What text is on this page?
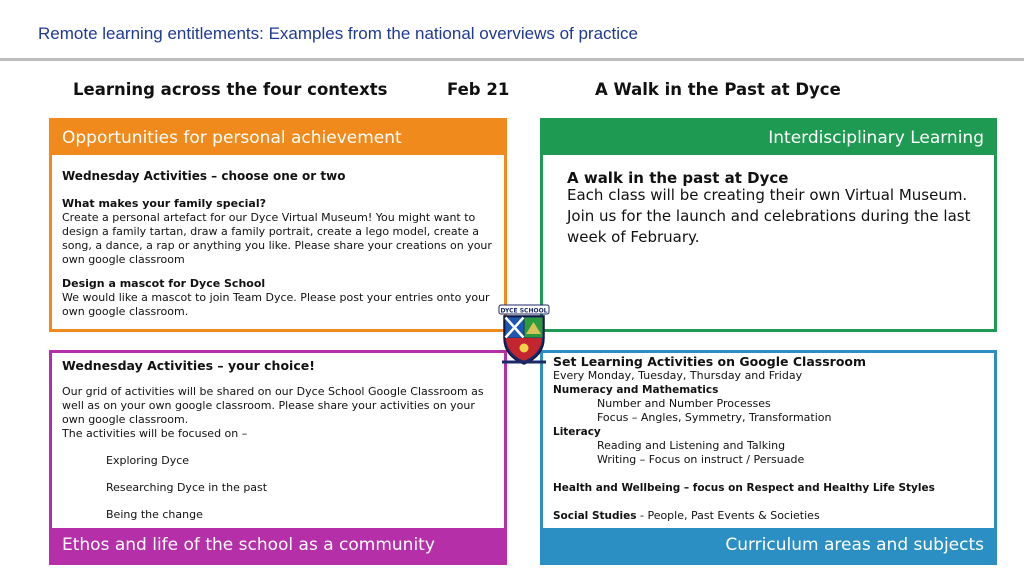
Remote learning entitlements: Examples from the national overviews of practice
Learning across the four contexts	Feb 21	A Walk in the Past at Dyce
Opportunities for personal achievement

Wednesday Activities – choose one or two

What makes your family special?

Create a personal artefact for our Dyce Virtual Museum! You might want to design a family tartan, draw a family portrait, create a lego model, create a song, a dance, a rap or anything you like. Please share your creations on your own google classroom

Design a mascot for Dyce School

We would like a mascot to join Team Dyce. Please post your entries onto your own google classroom.

Interdisciplinary Learning

A walk in the past at Dyce

Each class will be creating their own Virtual Museum.

Join us for the launch and celebrations during the last week of February.

Wednesday Activities – your choice!

Our grid of activities will be shared on our Dyce School Google Classroom as well as on your own google classroom. Please share your activities on your own google classroom.

The activities will be focused on –

Exploring Dyce

Researching Dyce in the past

Being the change

Ethos and life of the school as a community

Set Learning Activities on Google Classroom

Every Monday, Tuesday, Thursday and Friday

Numeracy and Mathematics

Number and Number Processes

Focus – Angles, Symmetry, Transformation

Literacy

Reading and Listening and Talking

Writing – Focus on instruct / Persuade

Health and Wellbeing – focus on Respect and Healthy Life Styles

Social Studies - People, Past Events & Societies

Curriculum areas and subjects
DYCE SCHOOL
